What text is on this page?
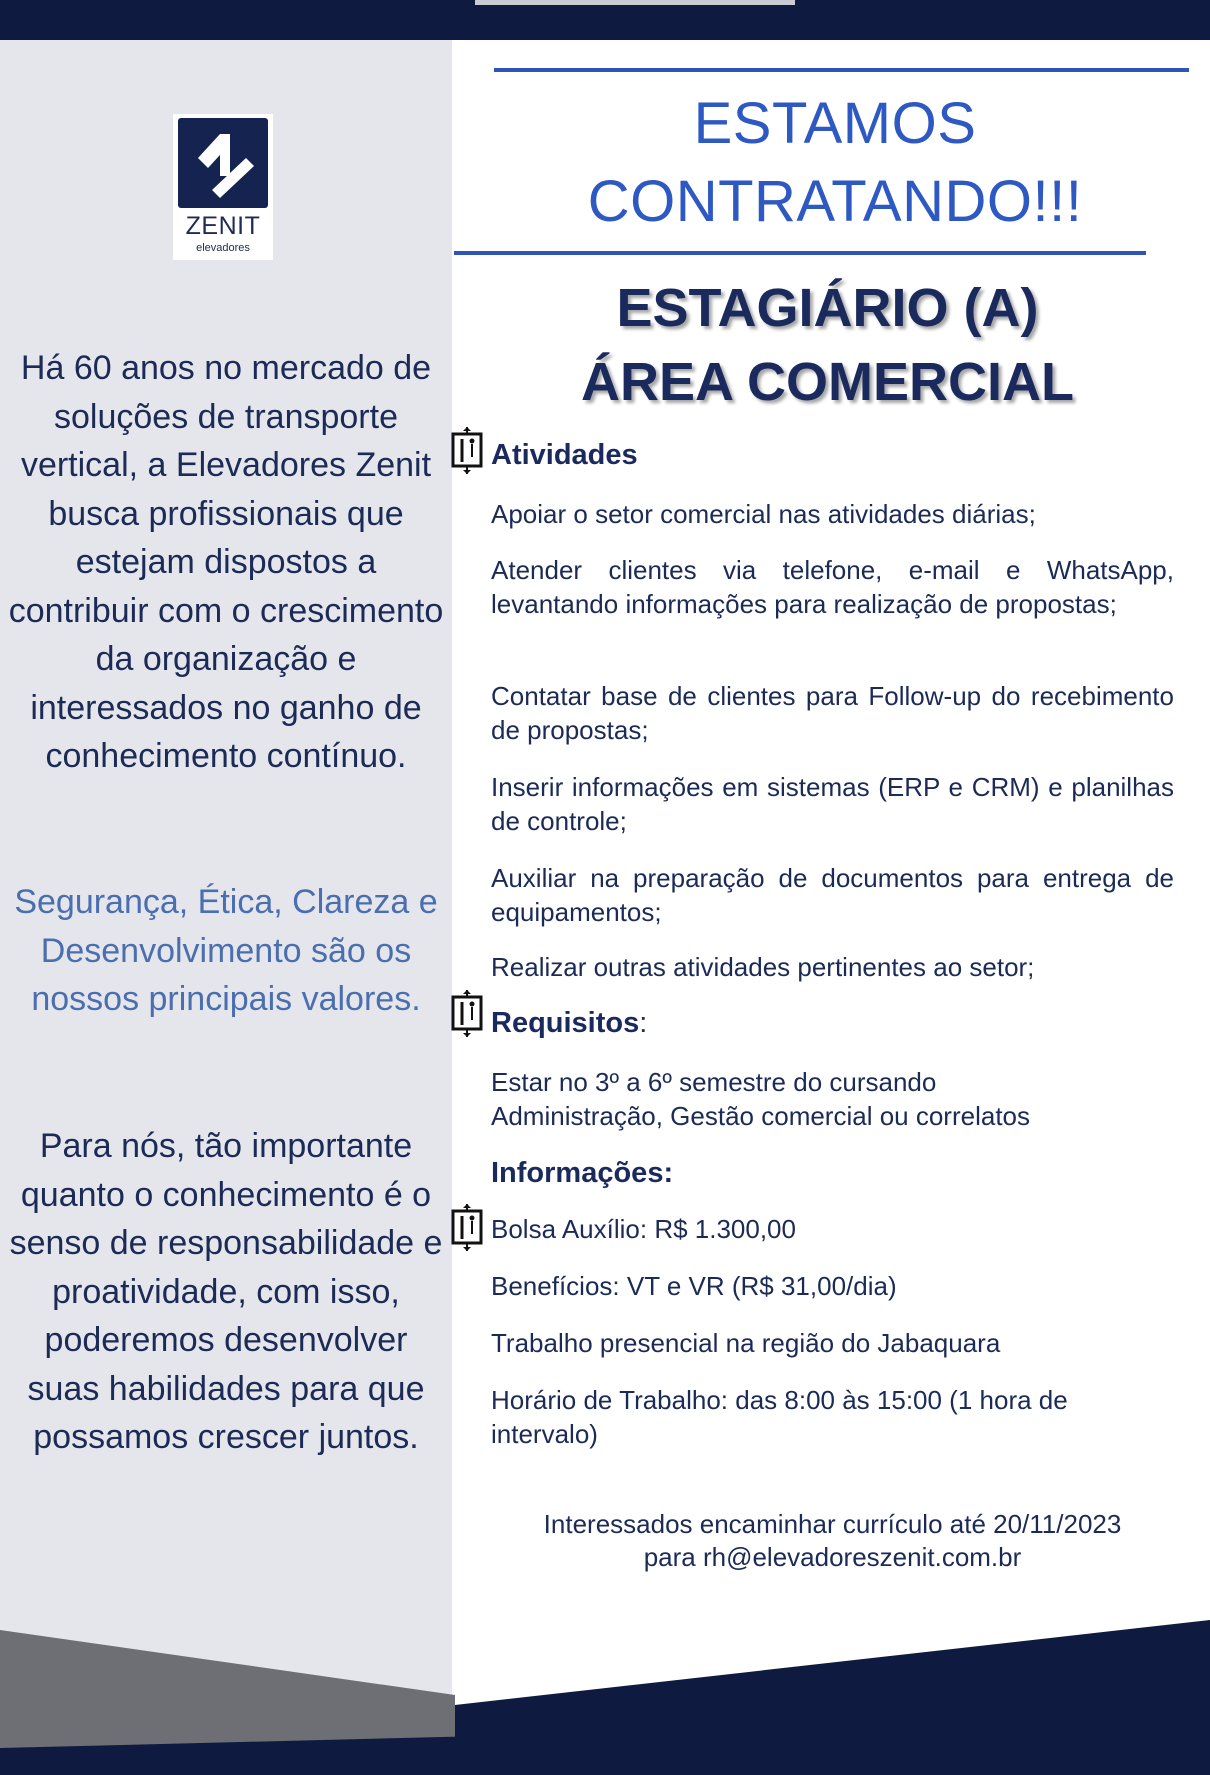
ZENIT
elevadores
Há 60 anos no mercado de soluções de transporte vertical, a Elevadores Zenit busca profissionais que estejam dispostos a contribuir com o crescimento da organização e interessados no ganho de conhecimento contínuo.
Segurança, Ética, Clareza e Desenvolvimento são os nossos principais valores.
Para nós, tão importante quanto o conhecimento é o senso de responsabilidade e proatividade, com isso, poderemos desenvolver suas habilidades para que possamos crescer juntos.
ESTAMOS
CONTRATANDO!!!
ESTAGIÁRIO (A)
ÁREA COMERCIAL
Atividades
Apoiar o setor comercial nas atividades diárias;
Atender clientes via telefone, e-mail e WhatsApp, levantando informações para realização de propostas;
Contatar base de clientes para Follow-up do recebimento de propostas;
Inserir informações em sistemas (ERP e CRM) e planilhas de controle;
Auxiliar na preparação de documentos para entrega de equipamentos;
Realizar outras atividades pertinentes ao setor;
Requisitos:
Estar no 3º a 6º semestre do cursando Administração, Gestão comercial ou correlatos
Informações:
Bolsa Auxílio: R$ 1.300,00
Benefícios: VT e VR (R$ 31,00/dia)
Trabalho presencial na região do Jabaquara
Horário de Trabalho: das 8:00 às 15:00 (1 hora de intervalo)
Interessados encaminhar currículo até 20/11/2023
para rh@elevadoreszenit.com.br
